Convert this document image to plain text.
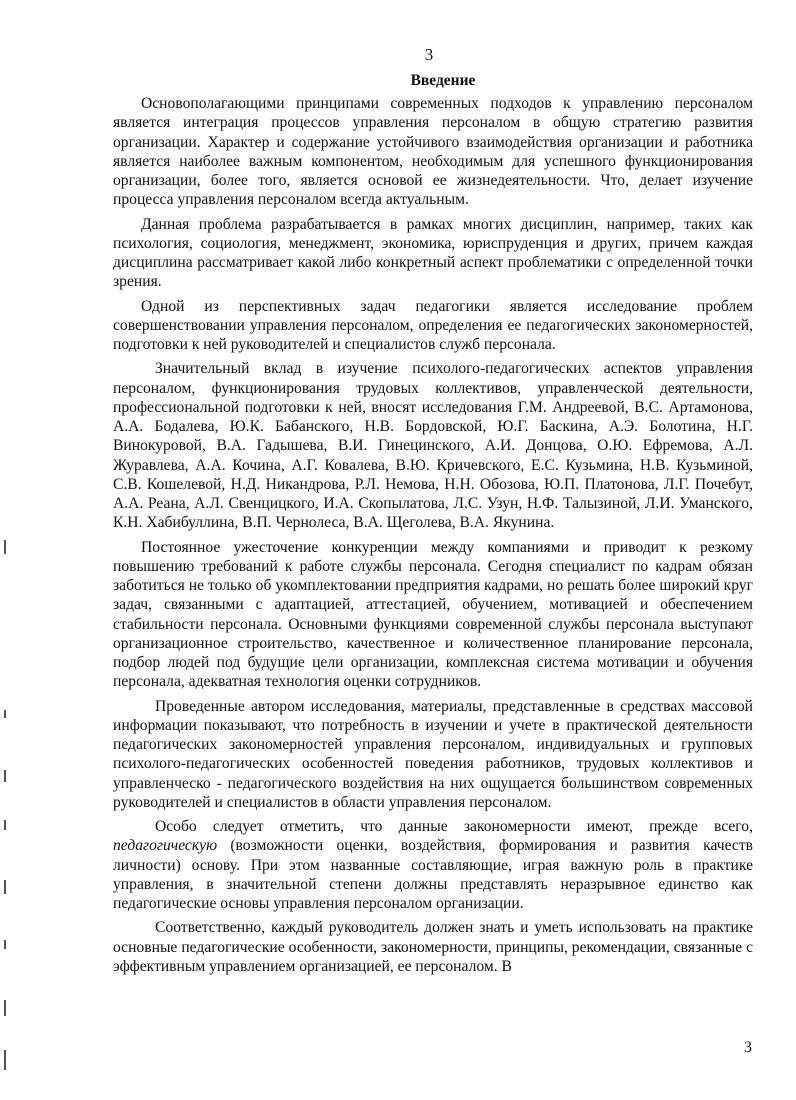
3
Введение

Основополагающими принципами современных подходов к управлению персоналом является интеграция процессов управления персоналом в общую стратегию развития организации. Характер и содержание устойчивого взаимодействия организации и работника является наиболее важным компонентом, необходимым для успешного функционирования организации, более того, является основой ее жизнедеятельности. Что, делает изучение процесса управления персоналом всегда актуальным.

Данная проблема разрабатывается в рамках многих дисциплин, например, таких как психология, социология, менеджмент, экономика, юриспруденция и других, причем каждая дисциплина рассматривает какой либо конкретный аспект проблематики с определенной точки зрения.

Одной из перспективных задач педагогики является исследование проблем совершенствовании управления персоналом, определения ее педагогических закономерностей, подготовки к ней руководителей и специалистов служб персонала.

Значительный вклад в изучение психолого-педагогических аспектов управления персоналом, функционирования трудовых коллективов, управленческой деятельности, профессиональной подготовки к ней, вносят исследования Г.М. Андреевой, В.С. Артамонова, А.А. Бодалева, Ю.К. Бабанского, Н.В. Бордовской, Ю.Г. Баскина, А.Э. Болотина, Н.Г. Винокуровой, В.А. Гадышева, В.И. Гинецинского, А.И. Донцова, О.Ю. Ефремова, А.Л. Журавлева, А.А. Кочина, А.Г. Ковалева, В.Ю. Кричевского, Е.С. Кузьмина, Н.В. Кузьминой, С.В. Кошелевой, Н.Д. Никандрова, Р.Л. Немова, Н.Н. Обозова, Ю.П. Платонова, Л.Г. Почебут, А.А. Реана, А.Л. Свенцицкого, И.А. Скопылатова, Л.С. Узун, Н.Ф. Талызиной, Л.И. Уманского, К.Н. Хабибуллина, В.П. Чернолеса, В.А. Щеголева, В.А. Якунина.

Постоянное ужесточение конкуренции между компаниями и приводит к резкому повышению требований к работе службы персонала. Сегодня специалист по кадрам обязан заботиться не только об укомплектовании предприятия кадрами, но решать более широкий круг задач, связанными с адаптацией, аттестацией, обучением, мотивацией и обеспечением стабильности персонала. Основными функциями современной службы персонала выступают организационное строительство, качественное и количественное планирование персонала, подбор людей под будущие цели организации, комплексная система мотивации и обучения персонала, адекватная технология оценки сотрудников.

Проведенные автором исследования, материалы, представленные в средствах массовой информации показывают, что потребность в изучении и учете в практической деятельности педагогических закономерностей управления персоналом, индивидуальных и групповых психолого-педагогических особенностей поведения работников, трудовых коллективов и управленческо - педагогического воздействия на них ощущается большинством современных руководителей и специалистов в области управления персоналом.

Особо следует отметить, что данные закономерности имеют, прежде всего, педагогическую (возможности оценки, воздействия, формирования и развития качеств личности) основу. При этом названные составляющие, играя важную роль в практике управления, в значительной степени должны представлять неразрывное единство как педагогические основы управления персоналом организации.

Соответственно, каждый руководитель должен знать и уметь использовать на практике основные педагогические особенности, закономерности, принципы, рекомендации, связанные с эффективным управлением организацией, ее персоналом. В

3
